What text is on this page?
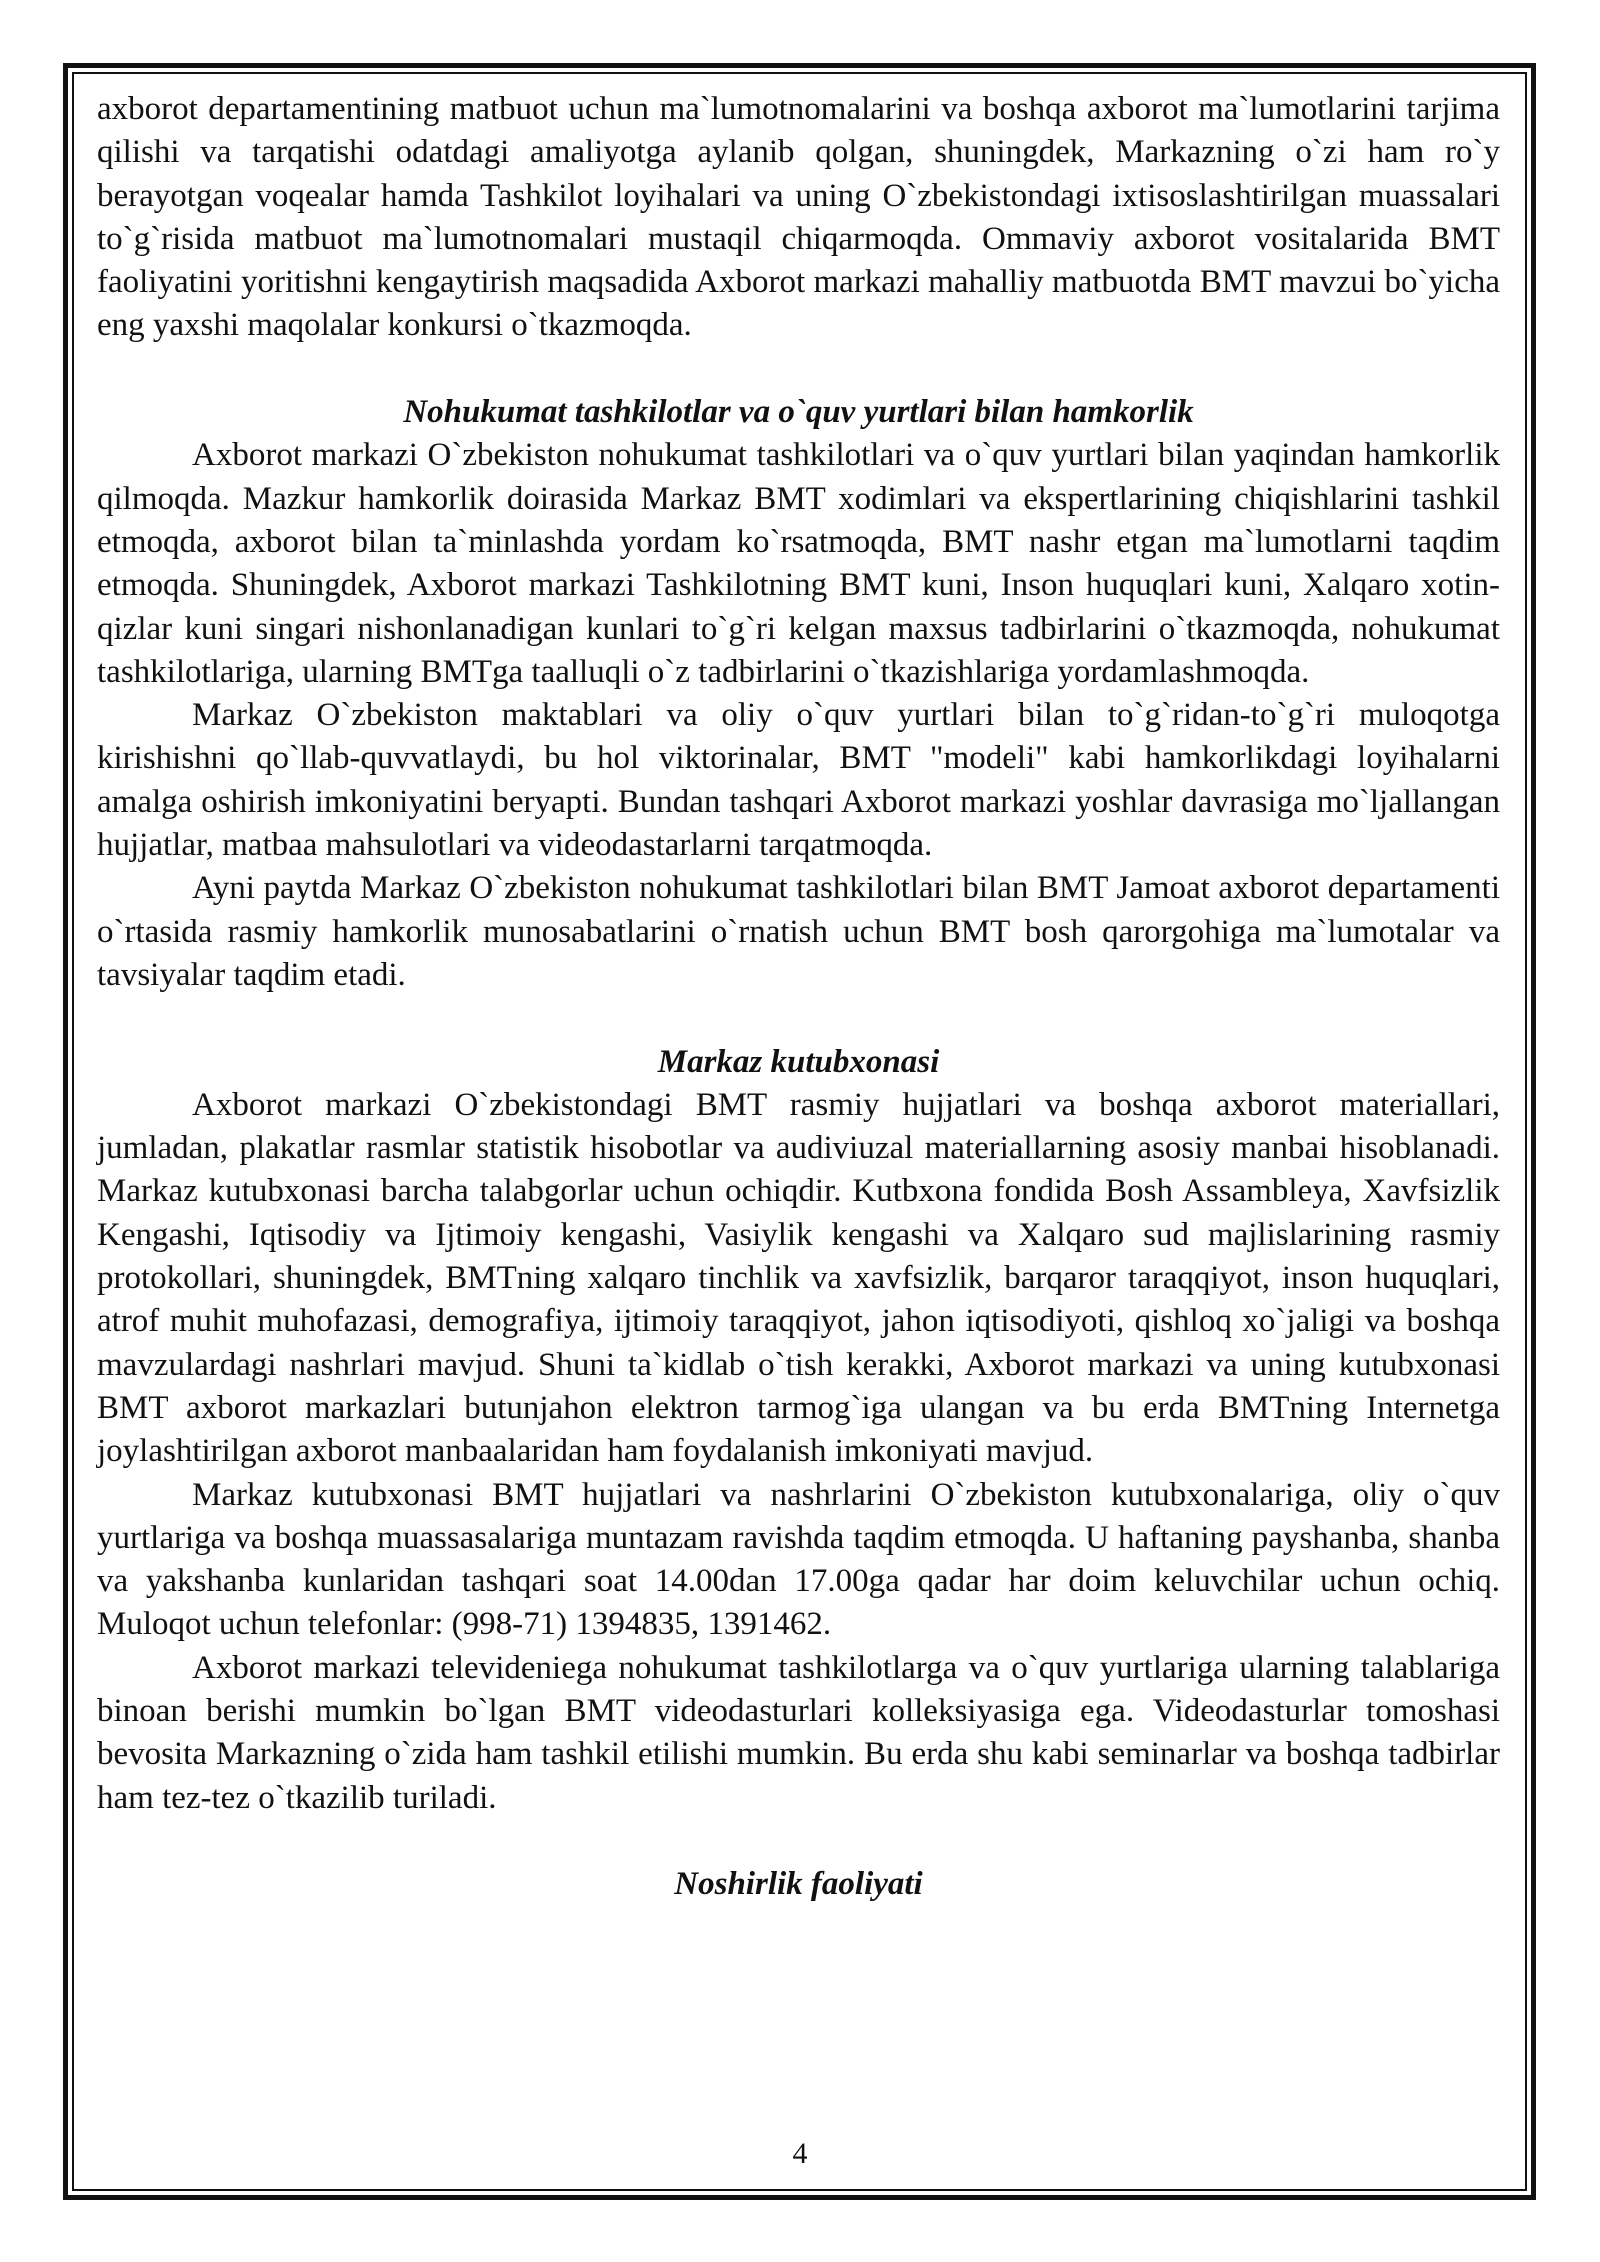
axborot departamentining matbuot uchun ma`lumotnomalarini va boshqa axborot ma`lumotlarini tarjima qilishi va tarqatishi odatdagi amaliyotga aylanib qolgan, shuningdek, Markazning o`zi ham ro`y berayotgan voqealar hamda Tashkilot loyihalari va uning O`zbekistondagi ixtisoslashtirilgan muassalari to`g`risida matbuot ma`lumotnomalari mustaqil chiqarmoqda. Ommaviy axborot vositalarida BMT faoliyatini yoritishni kengaytirish maqsadida Axborot markazi mahalliy matbuotda BMT mavzui bo`yicha eng yaxshi maqolalar konkursi o`tkazmoqda.

Nohukumat tashkilotlar va o`quv yurtlari bilan hamkorlik

Axborot markazi O`zbekiston nohukumat tashkilotlari va o`quv yurtlari bilan yaqindan hamkorlik qilmoqda. Mazkur hamkorlik doirasida Markaz BMT xodimlari va ekspertlarining chiqishlarini tashkil etmoqda, axborot bilan ta`minlashda yordam ko`rsatmoqda, BMT nashr etgan ma`lumotlarni taqdim etmoqda. Shuningdek, Axborot markazi Tashkilotning BMT kuni, Inson huquqlari kuni, Xalqaro xotin-qizlar kuni singari nishonlanadigan kunlari to`g`ri kelgan maxsus tadbirlarini o`tkazmoqda, nohukumat tashkilotlariga, ularning BMTga taalluqli o`z tadbirlarini o`tkazishlariga yordamlashmoqda.

Markaz O`zbekiston maktablari va oliy o`quv yurtlari bilan to`g`ridan-to`g`ri muloqotga kirishishni qo`llab-quvvatlaydi, bu hol viktorinalar, BMT "modeli" kabi hamkorlikdagi loyihalarni amalga oshirish imkoniyatini beryapti. Bundan tashqari Axborot markazi yoshlar davrasiga mo`ljallangan hujjatlar, matbaa mahsulotlari va videodastarlarni tarqatmoqda.

Ayni paytda Markaz O`zbekiston nohukumat tashkilotlari bilan BMT Jamoat axborot departamenti o`rtasida rasmiy hamkorlik munosabatlarini o`rnatish uchun BMT bosh qarorgohiga ma`lumotalar va tavsiyalar taqdim etadi.

Markaz kutubxonasi

Axborot markazi O`zbekistondagi BMT rasmiy hujjatlari va boshqa axborot materiallari, jumladan, plakatlar rasmlar statistik hisobotlar va audiviuzal materiallarning asosiy manbai hisoblanadi. Markaz kutubxonasi barcha talabgorlar uchun ochiqdir. Kutbxona fondida Bosh Assambleya, Xavfsizlik Kengashi, Iqtisodiy va Ijtimoiy kengashi, Vasiylik kengashi va Xalqaro sud majlislarining rasmiy protokollari, shuningdek, BMTning xalqaro tinchlik va xavfsizlik, barqaror taraqqiyot, inson huquqlari, atrof muhit muhofazasi, demografiya, ijtimoiy taraqqiyot, jahon iqtisodiyoti, qishloq xo`jaligi va boshqa mavzulardagi nashrlari mavjud. Shuni ta`kidlab o`tish kerakki, Axborot markazi va uning kutubxonasi BMT axborot markazlari butunjahon elektron tarmog`iga ulangan va bu erda BMTning Internetga joylashtirilgan axborot manbaalaridan ham foydalanish imkoniyati mavjud.

Markaz kutubxonasi BMT hujjatlari va nashrlarini O`zbekiston kutubxonalariga, oliy o`quv yurtlariga va boshqa muassasalariga muntazam ravishda taqdim etmoqda. U haftaning payshanba, shanba va yakshanba kunlaridan tashqari soat 14.00dan 17.00ga qadar har doim keluvchilar uchun ochiq. Muloqot uchun telefonlar: (998-71) 1394835, 1391462.

Axborot markazi televideniega nohukumat tashkilotlarga va o`quv yurtlariga ularning talablariga binoan berishi mumkin bo`lgan BMT videodasturlari kolleksiyasiga ega. Videodasturlar tomoshasi bevosita Markazning o`zida ham tashkil etilishi mumkin. Bu erda shu kabi seminarlar va boshqa tadbirlar ham tez-tez o`tkazilib turiladi.

Noshirlik faoliyati
4
